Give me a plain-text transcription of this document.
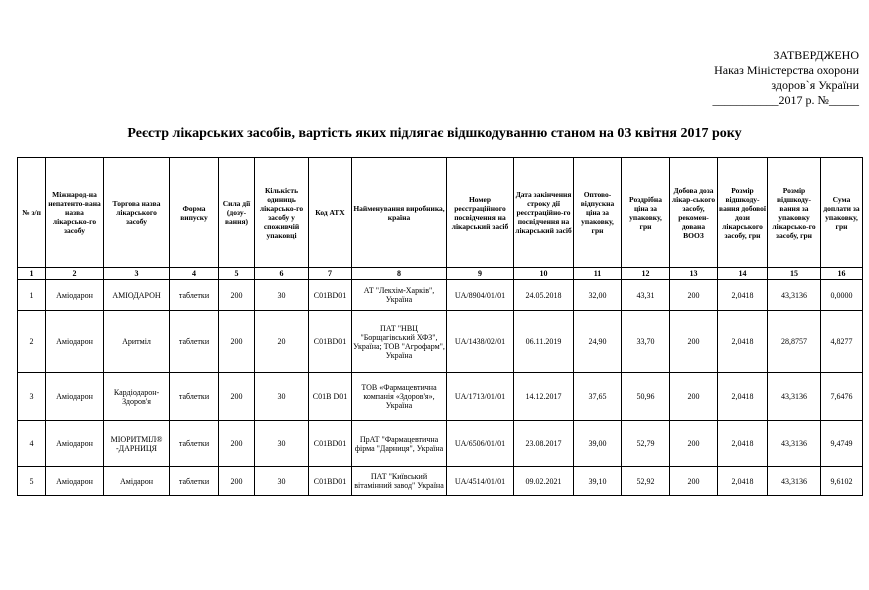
ЗАТВЕРДЖЕНО
Наказ Міністерства охорони
здоров`я України
___________2017 р. №_____
Реєстр лікарських засобів, вартість яких підлягає відшкодуванню станом на 03 квітня 2017 року
№ з/п	Міжнарод-на непатенто-вана назва лікарсько-го засобу	Торгова назва лікарського засобу	Форма випуску	Сила дії (дозу-вання)	Кількість одиниць лікарсько-го засобу у споживчій упаковці	Код АТХ	Найменування виробника, країна	Номер реєстраційного посвідчення на лікарський засіб	Дата закінчення строку дії реєстраційно-го посвідчення на лікарський засіб	Оптово-відпускна ціна за упаковку, грн	Роздрібна ціна за упаковку, грн	Добова доза лікар-ського засобу, рекомен-дована ВООЗ	Розмір відшкоду-вання добової дози лікарського засобу, грн	Розмір відшкоду-вання за упаковку лікарсько-го засобу, грн	Сума доплати за упаковку, грн
1	2	3	4	5	6	7	8	9	10	11	12	13	14	15	16
1	Аміодарон	АМІОДАРОН	таблетки	200	30	C01BD01	АТ "Лекхім-Харків", Україна	UA/8904/01/01	24.05.2018	32,00	43,31	200	2,0418	43,3136	0,0000
2	Аміодарон	Аритміл	таблетки	200	20	C01BD01	ПАТ "НВЦ "Борщагівський ХФЗ", Україна; ТОВ "Агрофарм", Україна	UA/1438/02/01	06.11.2019	24,90	33,70	200	2,0418	28,8757	4,8277
3	Аміодарон	Кардіодарон-Здоров'я	таблетки	200	30	C01B D01	ТОВ «Фармацевтична компанія «Здоров'я», Україна	UA/1713/01/01	14.12.2017	37,65	50,96	200	2,0418	43,3136	7,6476
4	Аміодарон	МІОРИТМІЛ® -ДАРНИЦЯ	таблетки	200	30	C01BD01	ПрАТ "Фармацевтична фірма "Дарниця", Україна	UA/6506/01/01	23.08.2017	39,00	52,79	200	2,0418	43,3136	9,4749
5	Аміодарон	Амідарон	таблетки	200	30	C01BD01	ПАТ "Київський вітамінний завод" Україна	UA/4514/01/01	09.02.2021	39,10	52,92	200	2,0418	43,3136	9,6102
